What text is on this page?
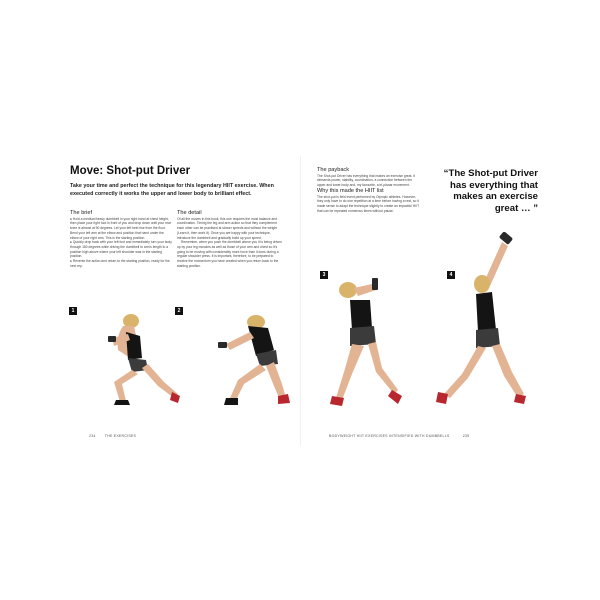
Move: Shot-put Driver
Take your time and perfect the technique for this legendary HIIT exercise. When executed correctly it works the upper and lower body to brilliant effect.
The brief

● Hold a medium/heavy dumbbell in your right hand at chest height, then place your right foot in front of you and drop down until your rear knee is almost at 90 degrees. Let your left heel rise from the floor. Bend your left arm at the elbow and position that hand under the elbow of your right arm. This is the starting position.

● Quickly drop back with your left foot and immediately turn your body through 180 degrees while driving the dumbbell to arm's length to a position high above where your left shoulder was in the starting position.

● Reverse the action and return to the starting position, ready for the next rep.

The detail

Of all the moves in this book, this one requires the most balance and coordination. Timing the leg and arm action so that they complement each other can be practised at slower speeds and without the weight (Learn it, then work it). Once you are happy with your technique, introduce the dumbbell and gradually build up your speed.

Remember, when you push the dumbbell above you it is being driven up by your leg muscles as well as those of your arm and chest so it's going to be moving with considerably more force than it does during a regular shoulder press. It is important, therefore, to be prepared to receive the momentum you have created when you return back to the starting position.

1	2
234	THE EXERCISES
The payback

The Shot-put Driver has everything that makes an exercise great. It demands power, stability, coordination, a connection between the upper and lower body and, my favourite, a tri-planar movement.

Why this made the HIIT list

The shot-put is field event performed by Olympic athletes. However, they only have to do one repetition at a time before having a rest, so it made sense to adapt the technique slightly to create an impactful HIIT that can be repeated numerous times without pause.

“The Shot-put Driver has everything that makes an exercise great … ”
3	4
BODYWEIGHT HIIT EXERCISES INTENSIFIED WITH DUMBBELLS	235
